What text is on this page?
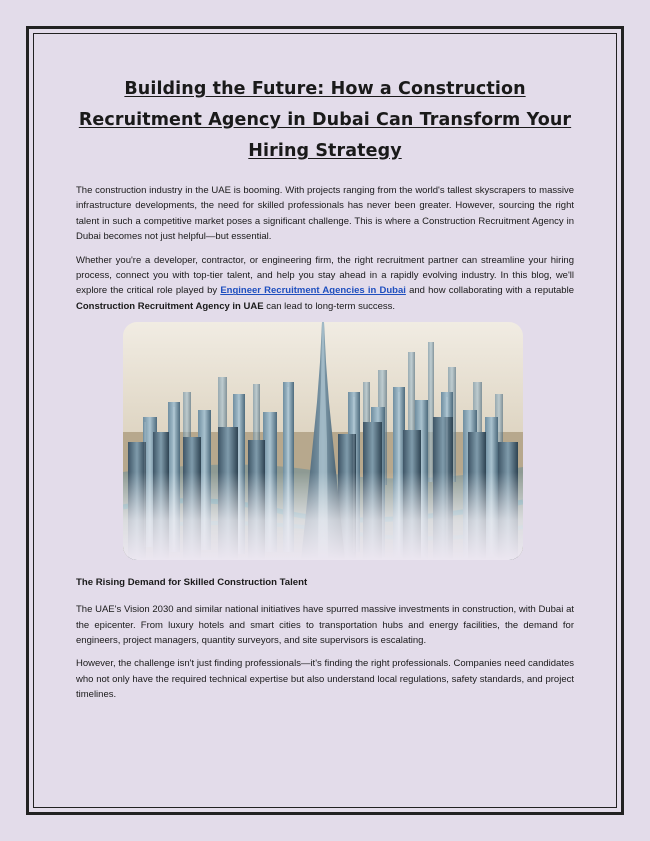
Building the Future: How a Construction Recruitment Agency in Dubai Can Transform Your Hiring Strategy

The construction industry in the UAE is booming. With projects ranging from the world's tallest skyscrapers to massive infrastructure developments, the need for skilled professionals has never been greater. However, sourcing the right talent in such a competitive market poses a significant challenge. This is where a Construction Recruitment Agency in Dubai becomes not just helpful—but essential.

Whether you're a developer, contractor, or engineering firm, the right recruitment partner can streamline your hiring process, connect you with top-tier talent, and help you stay ahead in a rapidly evolving industry. In this blog, we'll explore the critical role played by Engineer Recruitment Agencies in Dubai and how collaborating with a reputable Construction Recruitment Agency in UAE can lead to long-term success.

The Rising Demand for Skilled Construction Talent

The UAE's Vision 2030 and similar national initiatives have spurred massive investments in construction, with Dubai at the epicenter. From luxury hotels and smart cities to transportation hubs and energy facilities, the demand for engineers, project managers, quantity surveyors, and site supervisors is escalating.

However, the challenge isn't just finding professionals—it's finding the right professionals. Companies need candidates who not only have the required technical expertise but also understand local regulations, safety standards, and project timelines.
